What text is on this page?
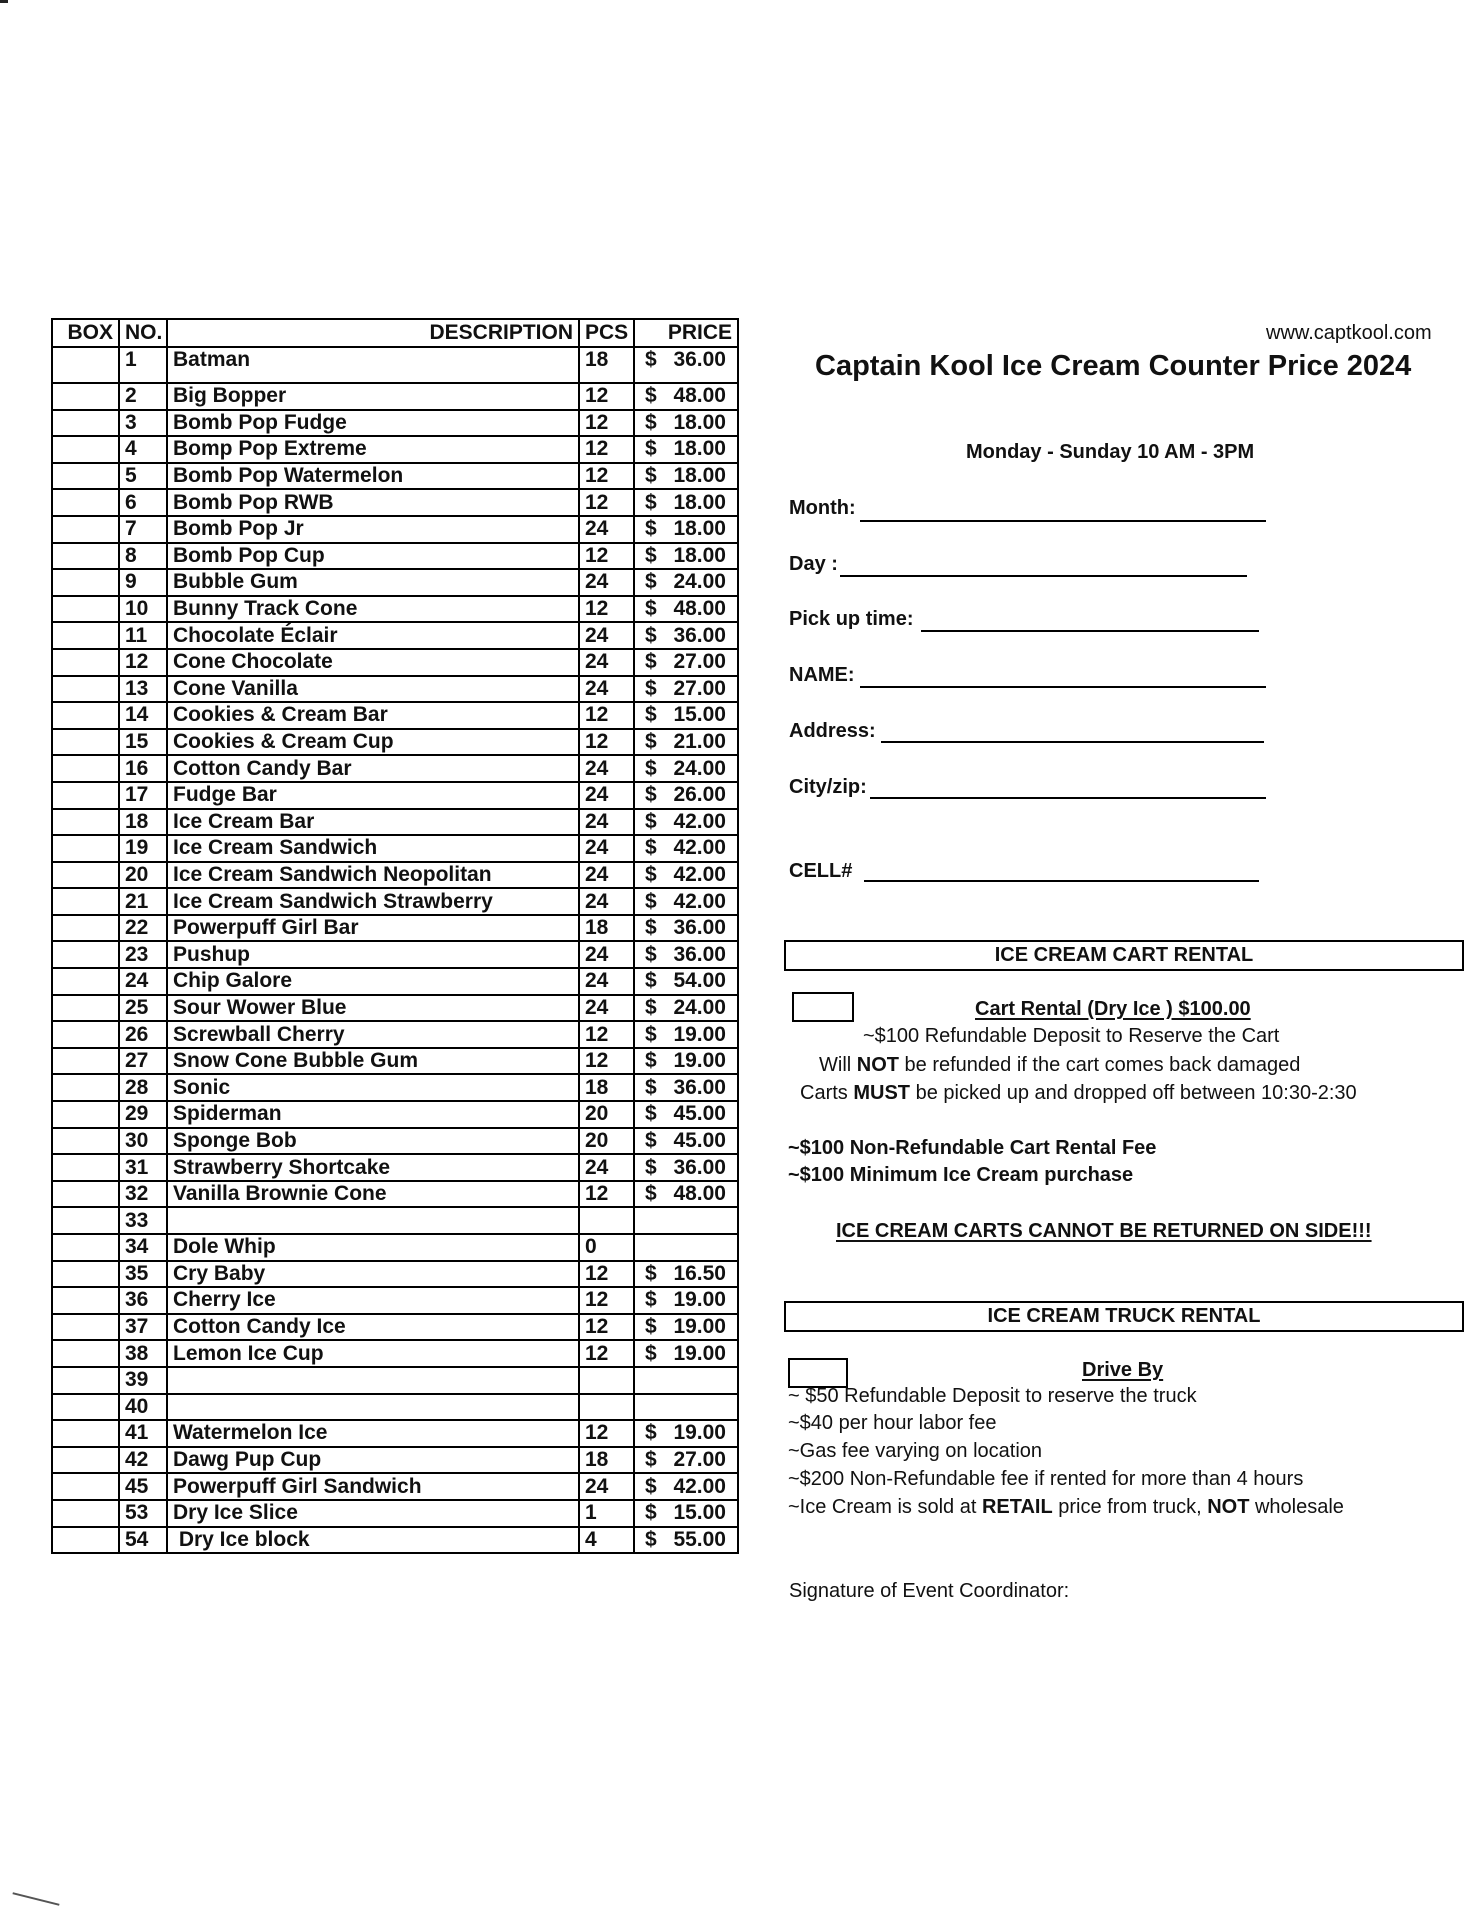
BOX	NO.	DESCRIPTION	PCS	PRICE
	1	Batman	18	$ 36.00

	2	Big Bopper	12	$ 48.00

	3	Bomb Pop Fudge	12	$ 18.00

	4	Bomp Pop Extreme	12	$ 18.00

	5	Bomb Pop Watermelon	12	$ 18.00

	6	Bomb Pop RWB	12	$ 18.00

	7	Bomb Pop Jr	24	$ 18.00

	8	Bomb Pop Cup	12	$ 18.00

	9	Bubble Gum	24	$ 24.00

	10	Bunny Track Cone	12	$ 48.00

	11	Chocolate Éclair	24	$ 36.00

	12	Cone Chocolate	24	$ 27.00

	13	Cone Vanilla	24	$ 27.00

	14	Cookies & Cream Bar	12	$ 15.00

	15	Cookies & Cream Cup	12	$ 21.00

	16	Cotton Candy Bar	24	$ 24.00

	17	Fudge Bar	24	$ 26.00

	18	Ice Cream Bar	24	$ 42.00

	19	Ice Cream Sandwich	24	$ 42.00

	20	Ice Cream Sandwich Neopolitan	24	$ 42.00

	21	Ice Cream Sandwich Strawberry	24	$ 42.00

	22	Powerpuff Girl Bar	18	$ 36.00

	23	Pushup	24	$ 36.00

	24	Chip Galore	24	$ 54.00

	25	Sour Wower Blue	24	$ 24.00

	26	Screwball Cherry	12	$ 19.00

	27	Snow Cone Bubble Gum	12	$ 19.00

	28	Sonic	18	$ 36.00

	29	Spiderman	20	$ 45.00

	30	Sponge Bob	20	$ 45.00

	31	Strawberry Shortcake	24	$ 36.00

	32	Vanilla Brownie Cone	12	$ 48.00

	33			
	34	Dole Whip	0	
	35	Cry Baby	12	$ 16.50

	36	Cherry Ice	12	$ 19.00

	37	Cotton Candy Ice	12	$ 19.00

	38	Lemon Ice Cup	12	$ 19.00

	39			
	40			
	41	Watermelon Ice	12	$ 19.00

	42	Dawg Pup Cup	18	$ 27.00

	45	Powerpuff Girl Sandwich	24	$ 42.00

	53	Dry Ice Slice	1	$ 15.00

	54	Dry Ice block	4	$ 55.00
www.captkool.com
Captain Kool Ice Cream Counter Price 2024
Monday - Sunday 10 AM - 3PM
Month:
Day :
Pick up time:
NAME:
Address:
City/zip:
CELL#
ICE CREAM CART RENTAL
Cart Rental (Dry Ice ) $100.00
~$100 Refundable Deposit to Reserve the Cart
Will NOT be refunded if the cart comes back damaged
Carts MUST be picked up and dropped off between 10:30-2:30
~$100 Non-Refundable Cart Rental Fee
~$100 Minimum Ice Cream purchase
ICE CREAM CARTS CANNOT BE RETURNED ON SIDE!!!
ICE CREAM TRUCK RENTAL
Drive By
~ $50 Refundable Deposit to reserve the truck
~$40 per hour labor fee
~Gas fee varying on location
~$200 Non-Refundable fee if rented for more than 4 hours
~Ice Cream is sold at RETAIL price from truck, NOT wholesale
Signature of Event Coordinator:
